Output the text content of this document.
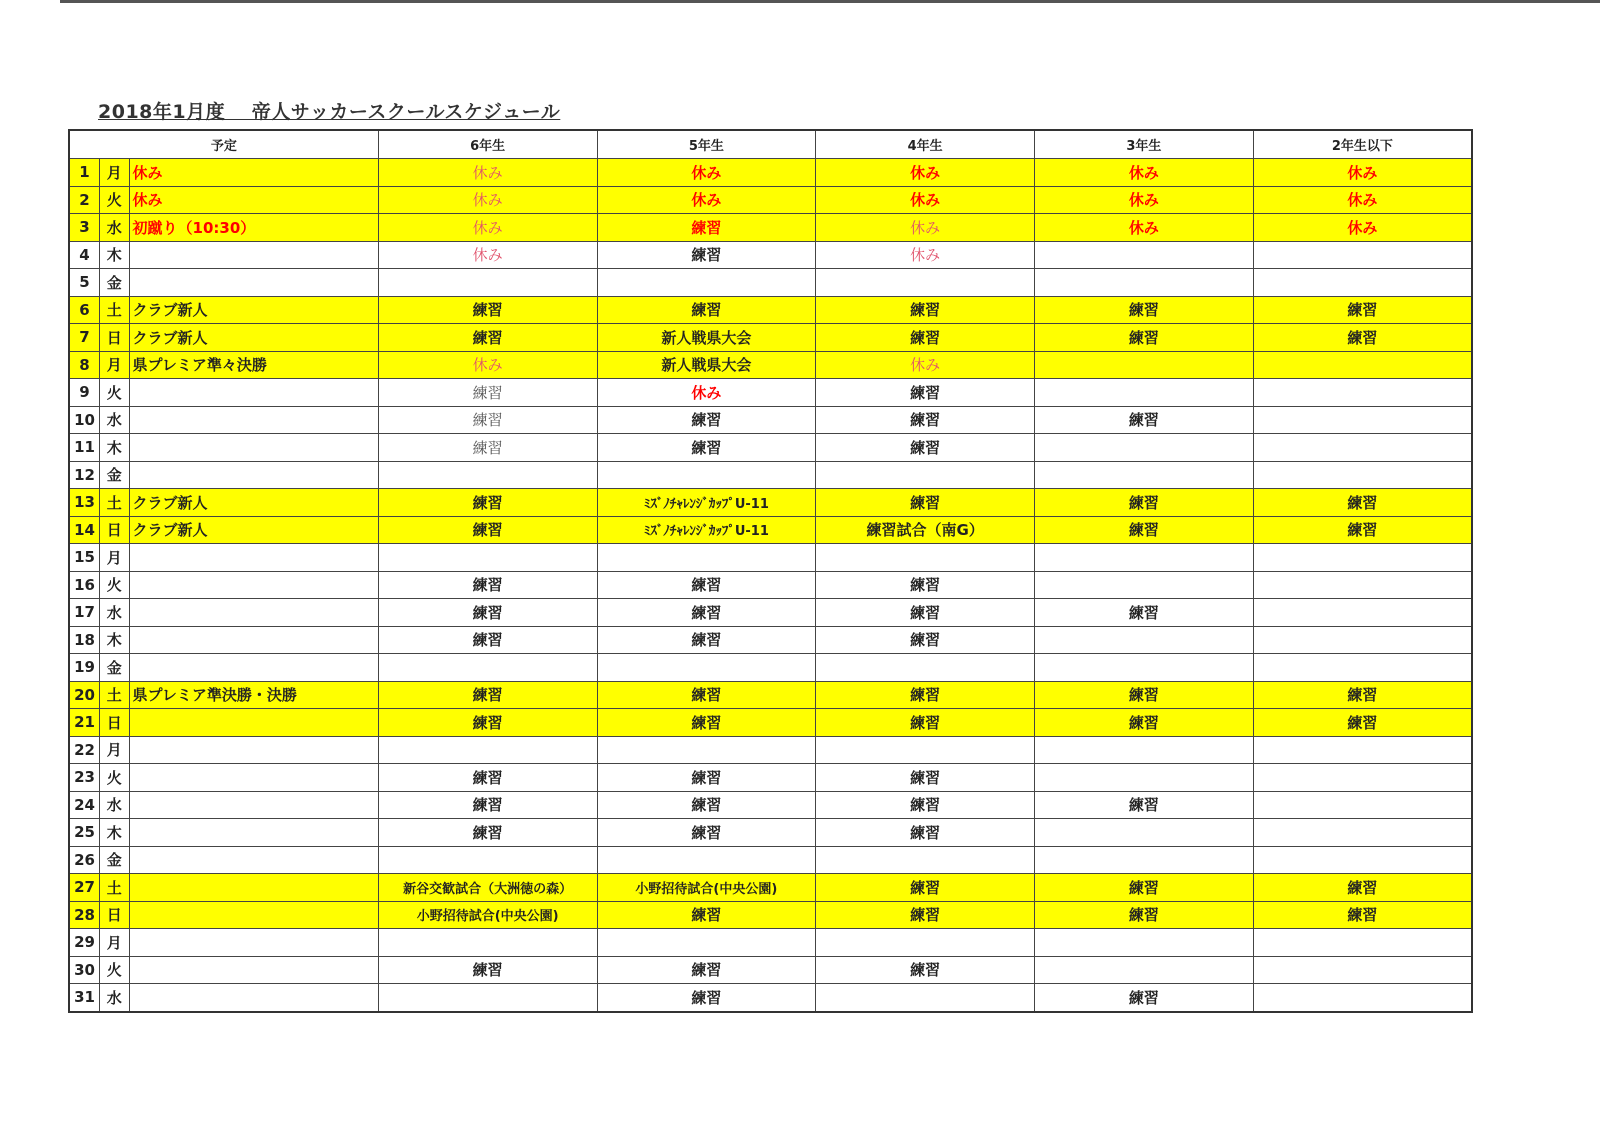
2018年1月度　 帝人サッカースクールスケジュール
予定			6年生	5年生	4年生	3年生	2年生以下
1	月	休み	休み	休み	休み	休み	休み
2	火	休み	休み	休み	休み	休み	休み
3	水	初蹴り（10:30）	休み	練習	休み	休み	休み
4	木		休み	練習	休み		
5	金						
6	土	クラブ新人	練習	練習	練習	練習	練習
7	日	クラブ新人	練習	新人戦県大会	練習	練習	練習
8	月	県プレミア準々決勝	休み	新人戦県大会	休み		
9	火		練習	休み	練習		
10	水		練習	練習	練習	練習	
11	木		練習	練習	練習		
12	金						
13	土	クラブ新人	練習	ﾐｽﾞﾉﾁｬﾚﾝｼﾞｶｯﾌﾟU-11	練習	練習	練習
14	日	クラブ新人	練習	ﾐｽﾞﾉﾁｬﾚﾝｼﾞｶｯﾌﾟU-11	練習試合（南G）	練習	練習
15	月						
16	火		練習	練習	練習		
17	水		練習	練習	練習	練習	
18	木		練習	練習	練習		
19	金						
20	土	県プレミア準決勝・決勝	練習	練習	練習	練習	練習
21	日		練習	練習	練習	練習	練習
22	月						
23	火		練習	練習	練習		
24	水		練習	練習	練習	練習	
25	木		練習	練習	練習		
26	金						
27	土		新谷交歓試合（大洲徳の森）	小野招待試合(中央公園)	練習	練習	練習
28	日		小野招待試合(中央公園)	練習	練習	練習	練習
29	月						
30	火		練習	練習	練習		
31	水			練習		練習	
